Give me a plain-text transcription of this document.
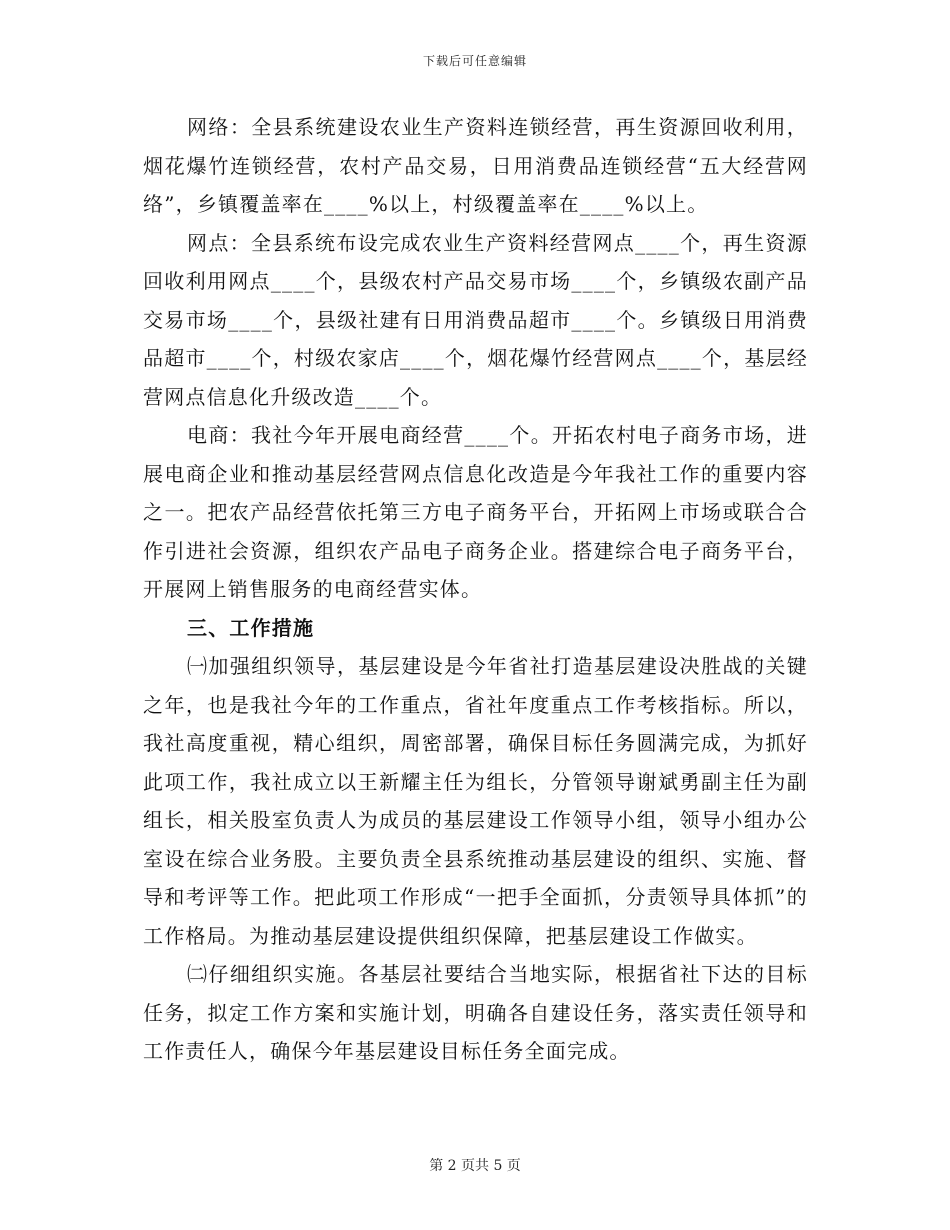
下载后可任意编辑

网络：全县系统建设农业生产资料连锁经营，再生资源回收利用，烟花爆竹连锁经营，农村产品交易，日用消费品连锁经营“五大经营网络”，乡镇覆盖率在____%以上，村级覆盖率在____%以上。

网点：全县系统布设完成农业生产资料经营网点____个，再生资源回收利用网点____个，县级农村产品交易市场____个，乡镇级农副产品交易市场____个，县级社建有日用消费品超市____个。乡镇级日用消费品超市____个，村级农家店____个，烟花爆竹经营网点____个，基层经营网点信息化升级改造____个。

电商：我社今年开展电商经营____个。开拓农村电子商务市场，进展电商企业和推动基层经营网点信息化改造是今年我社工作的重要内容之一。把农产品经营依托第三方电子商务平台，开拓网上市场或联合合作引进社会资源，组织农产品电子商务企业。搭建综合电子商务平台，开展网上销售服务的电商经营实体。

三、工作措施

㈠加强组织领导，基层建设是今年省社打造基层建设决胜战的关键之年，也是我社今年的工作重点，省社年度重点工作考核指标。所以，我社高度重视，精心组织，周密部署，确保目标任务圆满完成，为抓好此项工作，我社成立以王新耀主任为组长，分管领导谢斌勇副主任为副组长，相关股室负责人为成员的基层建设工作领导小组，领导小组办公室设在综合业务股。主要负责全县系统推动基层建设的组织、实施、督导和考评等工作。把此项工作形成“一把手全面抓，分责领导具体抓”的工作格局。为推动基层建设提供组织保障，把基层建设工作做实。

㈡仔细组织实施。各基层社要结合当地实际，根据省社下达的目标任务，拟定工作方案和实施计划，明确各自建设任务，落实责任领导和工作责任人，确保今年基层建设目标任务全面完成。

第 2 页共 5 页
